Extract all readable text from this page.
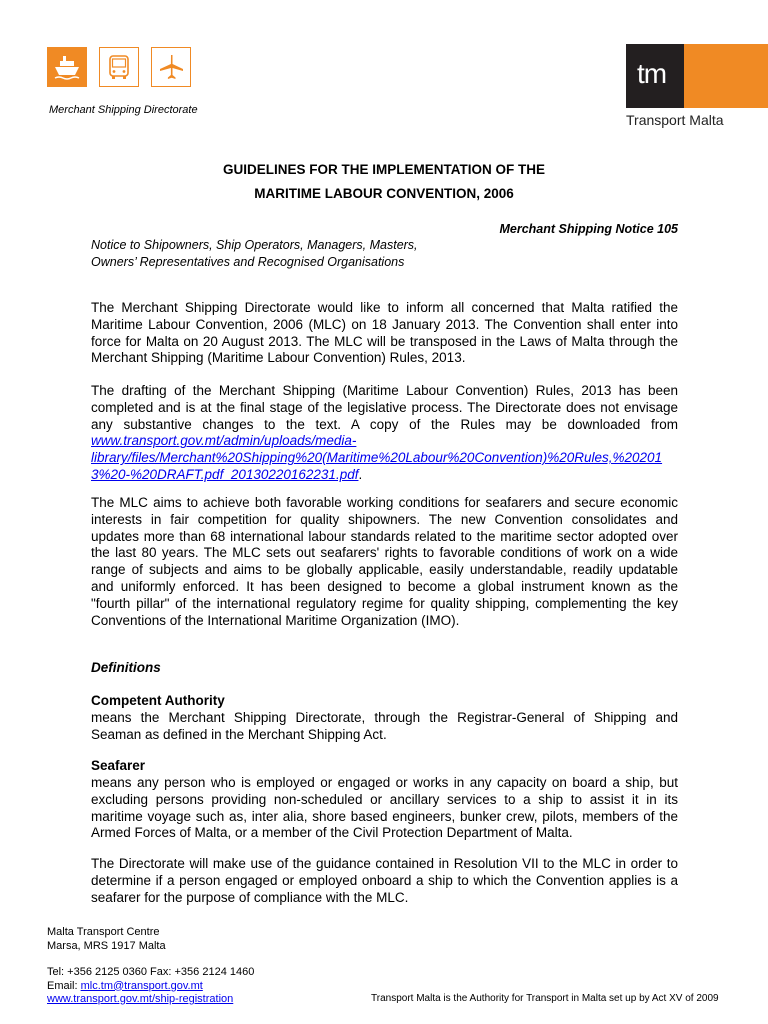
Merchant Shipping Directorate
tm
Transport Malta
GUIDELINES FOR THE IMPLEMENTATION OF THE
MARITIME LABOUR CONVENTION, 2006
Merchant Shipping Notice 105
Notice to Shipowners, Ship Operators, Managers, Masters,
Owners’ Representatives and Recognised Organisations
The Merchant Shipping Directorate would like to inform all concerned that Malta ratified the
Maritime Labour Convention, 2006 (MLC) on 18 January 2013. The Convention shall enter into
force for Malta on 20 August 2013. The MLC will be transposed in the Laws of Malta through the
Merchant Shipping (Maritime Labour Convention) Rules, 2013.
The drafting of the Merchant Shipping (Maritime Labour Convention) Rules, 2013 has been
completed and is at the final stage of the legislative process. The Directorate does not envisage
any substantive changes to the text. A copy of the Rules may be downloaded from
www.transport.gov.mt/admin/uploads/media-
library/files/Merchant%20Shipping%20(Maritime%20Labour%20Convention)%20Rules,%20201
3%20-%20DRAFT.pdf_20130220162231.pdf.
The MLC aims to achieve both favorable working conditions for seafarers and secure economic
interests in fair competition for quality shipowners. The new Convention consolidates and
updates more than 68 international labour standards related to the maritime sector adopted over
the last 80 years. The MLC sets out seafarers' rights to favorable conditions of work on a wide
range of subjects and aims to be globally applicable, easily understandable, readily updatable
and uniformly enforced. It has been designed to become a global instrument known as the
"fourth pillar" of the international regulatory regime for quality shipping, complementing the key
Conventions of the International Maritime Organization (IMO).
Definitions
Competent Authority
means the Merchant Shipping Directorate, through the Registrar-General of Shipping and
Seaman as defined in the Merchant Shipping Act.
Seafarer
means any person who is employed or engaged or works in any capacity on board a ship, but
excluding persons providing non-scheduled or ancillary services to a ship to assist it in its
maritime voyage such as, inter alia, shore based engineers, bunker crew, pilots, members of the
Armed Forces of Malta, or a member of the Civil Protection Department of Malta.
The Directorate will make use of the guidance contained in Resolution VII to the MLC in order to
determine if a person engaged or employed onboard a ship to which the Convention applies is a
seafarer for the purpose of compliance with the MLC.
Malta Transport Centre
Marsa, MRS 1917 Malta
Tel: +356 2125 0360 Fax: +356 2124 1460
Email: mlc.tm@transport.gov.mt
www.transport.gov.mt/ship-registration	Transport Malta is the Authority for Transport in Malta set up by Act XV of 2009
